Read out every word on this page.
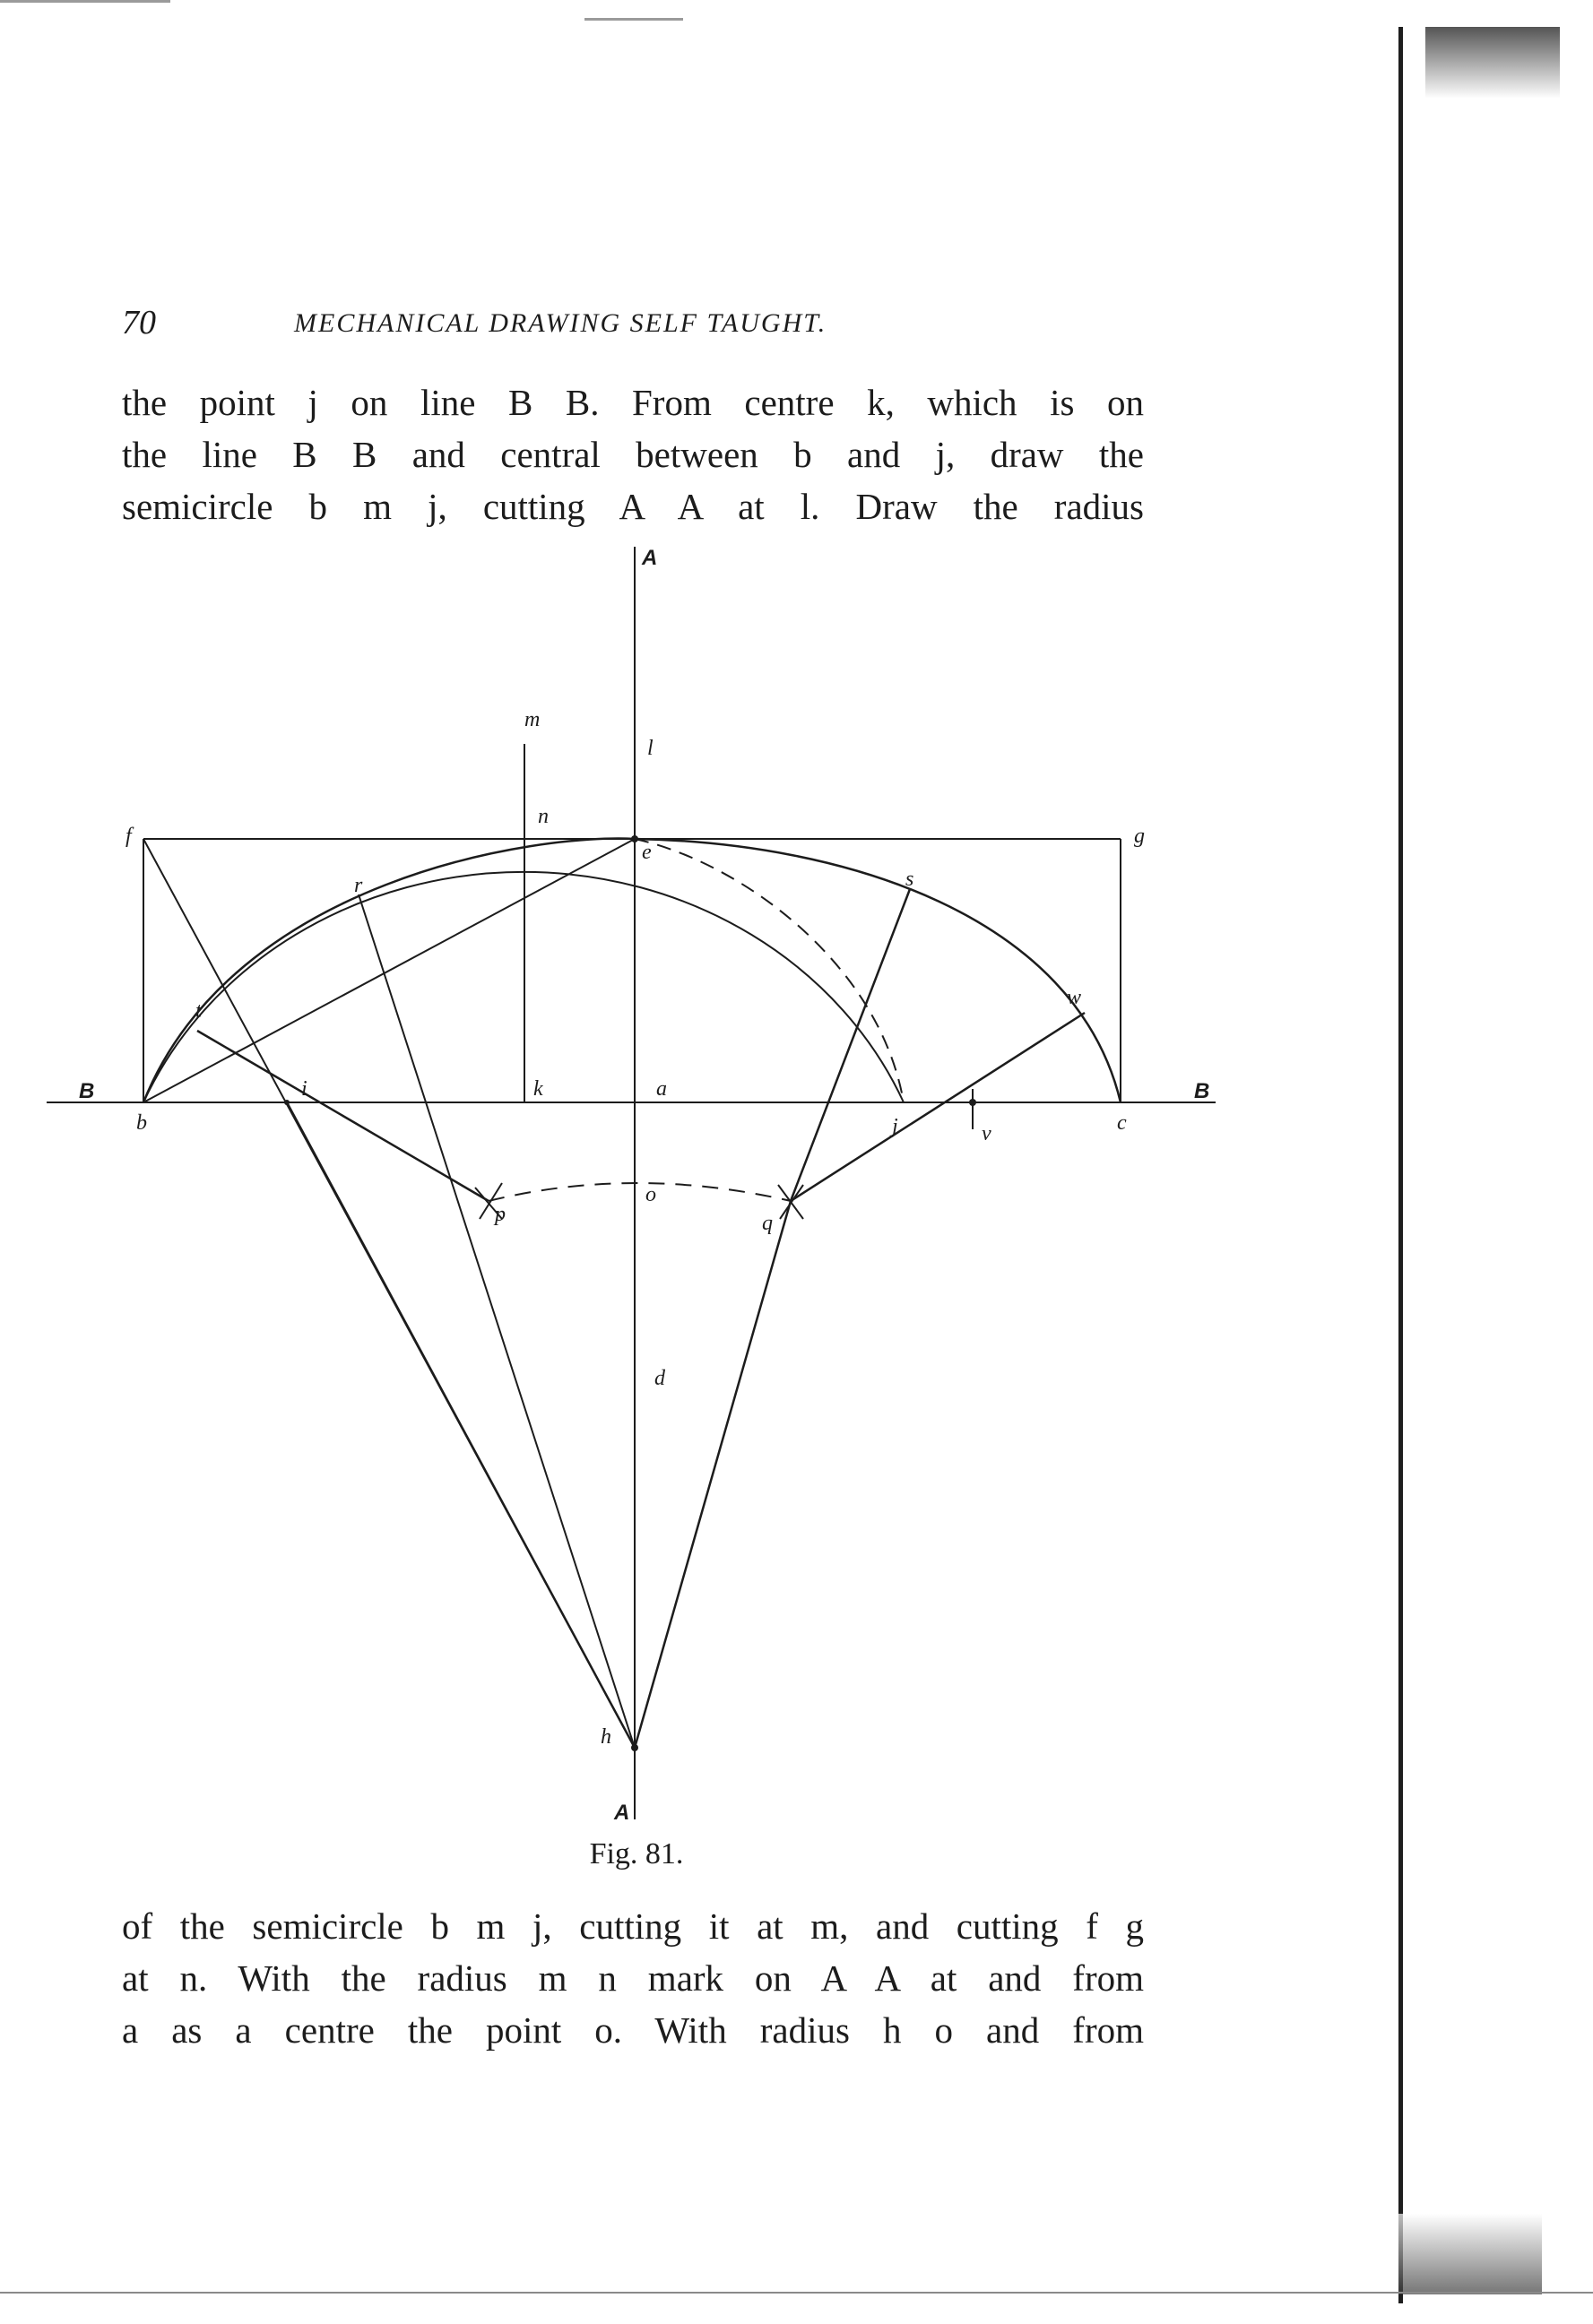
70	MECHANICAL DRAWING SELF TAUGHT.
the point j on line B B. From centre k, which is on
the line B B and central between b and j, draw the
semicircle b m j, cutting A A at l. Draw the radius
A
A
B	B
a
b	c
d
e
f	g
h
i
j
k
l
m
n
o
p	q
r	s
t
v
w
Fig. 81.
of the semicircle b m j, cutting it at m, and cutting f g
at n. With the radius m n mark on A A at and from
a as a centre the point o. With radius h o and from
